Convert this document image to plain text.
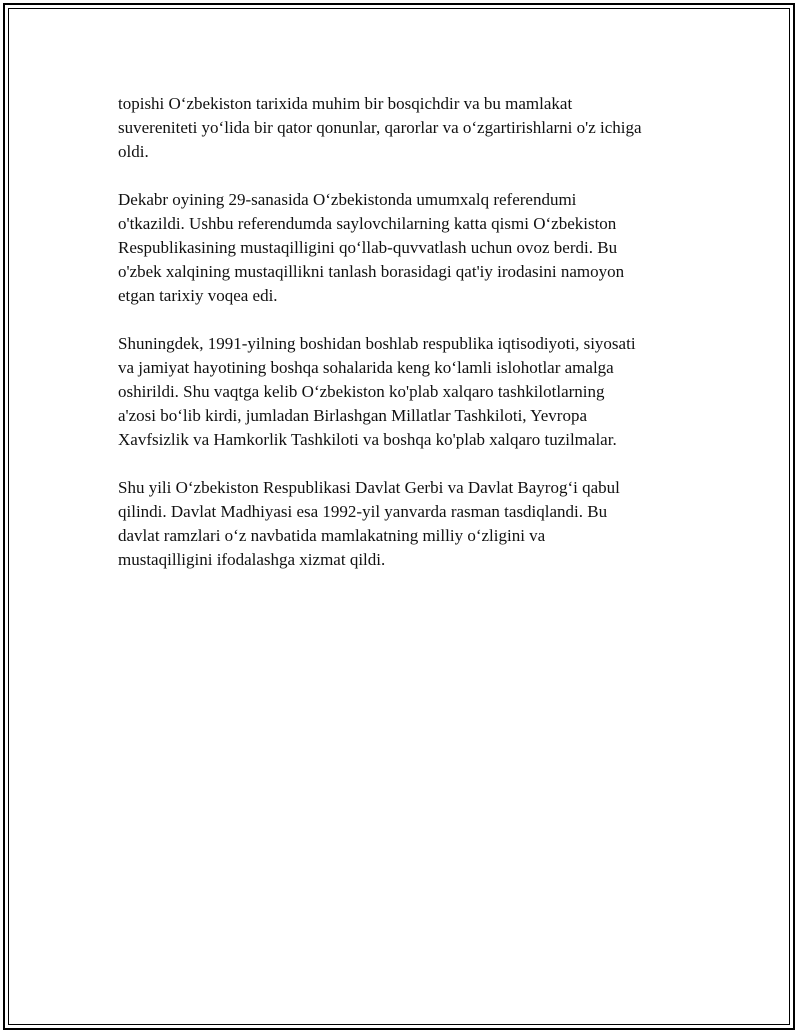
topishi O‘zbekiston tarixida muhim bir bosqichdir va bu mamlakat
suvereniteti yo‘lida bir qator qonunlar, qarorlar va o‘zgartirishlarni o'z ichiga
oldi.

Dekabr oyining 29-sanasida O‘zbekistonda umumxalq referendumi
o'tkazildi. Ushbu referendumda saylovchilarning katta qismi O‘zbekiston
Respublikasining mustaqilligini qo‘llab-quvvatlash uchun ovoz berdi. Bu
o'zbek xalqining mustaqillikni tanlash borasidagi qat'iy irodasini namoyon
etgan tarixiy voqea edi.

Shuningdek, 1991-yilning boshidan boshlab respublika iqtisodiyoti, siyosati
va jamiyat hayotining boshqa sohalarida keng ko‘lamli islohotlar amalga
oshirildi. Shu vaqtga kelib O‘zbekiston ko'plab xalqaro tashkilotlarning
a'zosi bo‘lib kirdi, jumladan Birlashgan Millatlar Tashkiloti, Yevropa
Xavfsizlik va Hamkorlik Tashkiloti va boshqa ko'plab xalqaro tuzilmalar.

Shu yili O‘zbekiston Respublikasi Davlat Gerbi va Davlat Bayrog‘i qabul
qilindi. Davlat Madhiyasi esa 1992-yil yanvarda rasman tasdiqlandi. Bu
davlat ramzlari o‘z navbatida mamlakatning milliy o‘zligini va
mustaqilligini ifodalashga xizmat qildi.
